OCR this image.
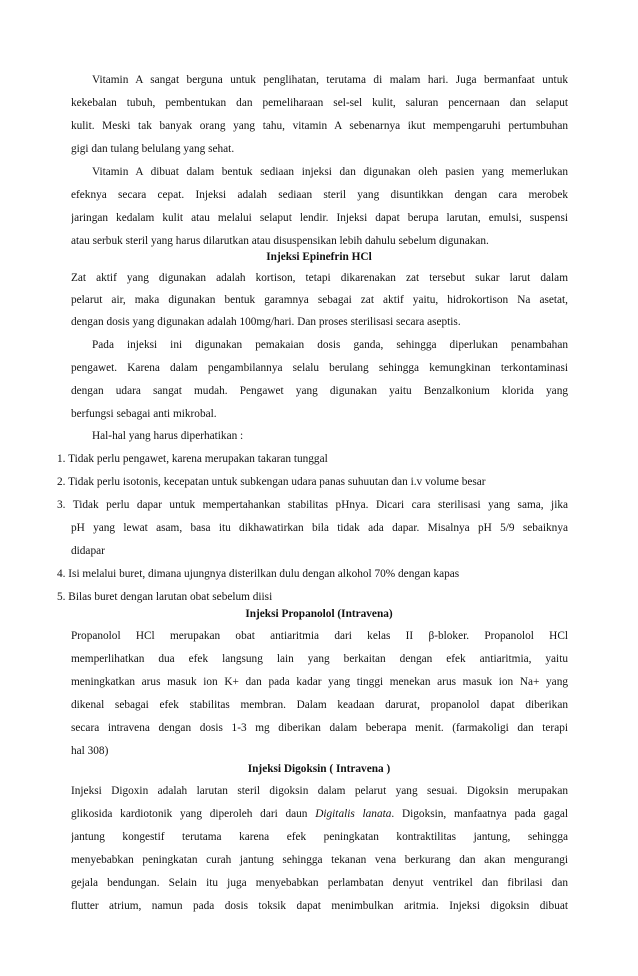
Vitamin A sangat berguna untuk penglihatan, terutama di malam hari. Juga bermanfaat untuk

kekebalan tubuh, pembentukan dan pemeliharaan sel-sel kulit, saluran pencernaan dan selaput

kulit. Meski tak banyak orang yang tahu, vitamin A sebenarnya ikut mempengaruhi pertumbuhan

gigi dan tulang belulang yang sehat.

Vitamin A dibuat dalam bentuk sediaan injeksi dan digunakan oleh pasien yang memerlukan

efeknya secara cepat. Injeksi adalah sediaan steril yang disuntikkan dengan cara merobek

jaringan kedalam kulit atau melalui selaput lendir. Injeksi dapat berupa larutan, emulsi, suspensi

atau serbuk steril yang harus dilarutkan atau disuspensikan lebih dahulu sebelum digunakan.

Injeksi Epinefrin HCl

Zat aktif yang digunakan adalah kortison, tetapi dikarenakan zat tersebut sukar larut dalam

pelarut air, maka digunakan bentuk garamnya sebagai zat aktif yaitu, hidrokortison Na asetat,

dengan dosis yang digunakan adalah 100mg/hari. Dan proses sterilisasi secara aseptis.

Pada injeksi ini digunakan pemakaian dosis ganda, sehingga diperlukan penambahan

pengawet. Karena dalam pengambilannya selalu berulang sehingga kemungkinan terkontaminasi

dengan udara sangat mudah. Pengawet yang digunakan yaitu Benzalkonium klorida yang

berfungsi sebagai anti mikrobal.

Hal-hal yang harus diperhatikan :

1. Tidak perlu pengawet, karena merupakan takaran tunggal

2. Tidak perlu isotonis, kecepatan untuk subkengan udara panas suhuutan dan i.v volume besar

3. Tidak perlu dapar untuk mempertahankan stabilitas pHnya. Dicari cara sterilisasi yang sama, jika

pH yang lewat asam, basa itu dikhawatirkan bila tidak ada dapar. Misalnya pH 5/9 sebaiknya

didapar

4. Isi melalui buret, dimana ujungnya disterilkan dulu dengan alkohol 70% dengan kapas

5. Bilas buret dengan larutan obat sebelum diisi

Injeksi Propanolol (Intravena)

Propanolol HCl merupakan obat antiaritmia dari kelas II β-bloker. Propanolol HCl

memperlihatkan dua efek langsung lain yang berkaitan dengan efek antiaritmia, yaitu

meningkatkan arus masuk ion K+ dan pada kadar yang tinggi menekan arus masuk ion Na+ yang

dikenal sebagai efek stabilitas membran. Dalam keadaan darurat, propanolol dapat diberikan

secara intravena dengan dosis 1-3 mg diberikan dalam beberapa menit. (farmakoligi dan terapi

hal 308)

Injeksi Digoksin ( Intravena )

Injeksi Digoxin adalah larutan steril digoksin dalam pelarut yang sesuai. Digoksin merupakan

glikosida kardiotonik yang diperoleh dari daun Digitalis lanata. Digoksin, manfaatnya pada gagal

jantung kongestif terutama karena efek peningkatan kontraktilitas jantung, sehingga

menyebabkan peningkatan curah jantung sehingga tekanan vena berkurang dan akan mengurangi

gejala bendungan. Selain itu juga menyebabkan perlambatan denyut ventrikel dan fibrilasi dan

flutter atrium, namun pada dosis toksik dapat menimbulkan aritmia. Injeksi digoksin dibuat
